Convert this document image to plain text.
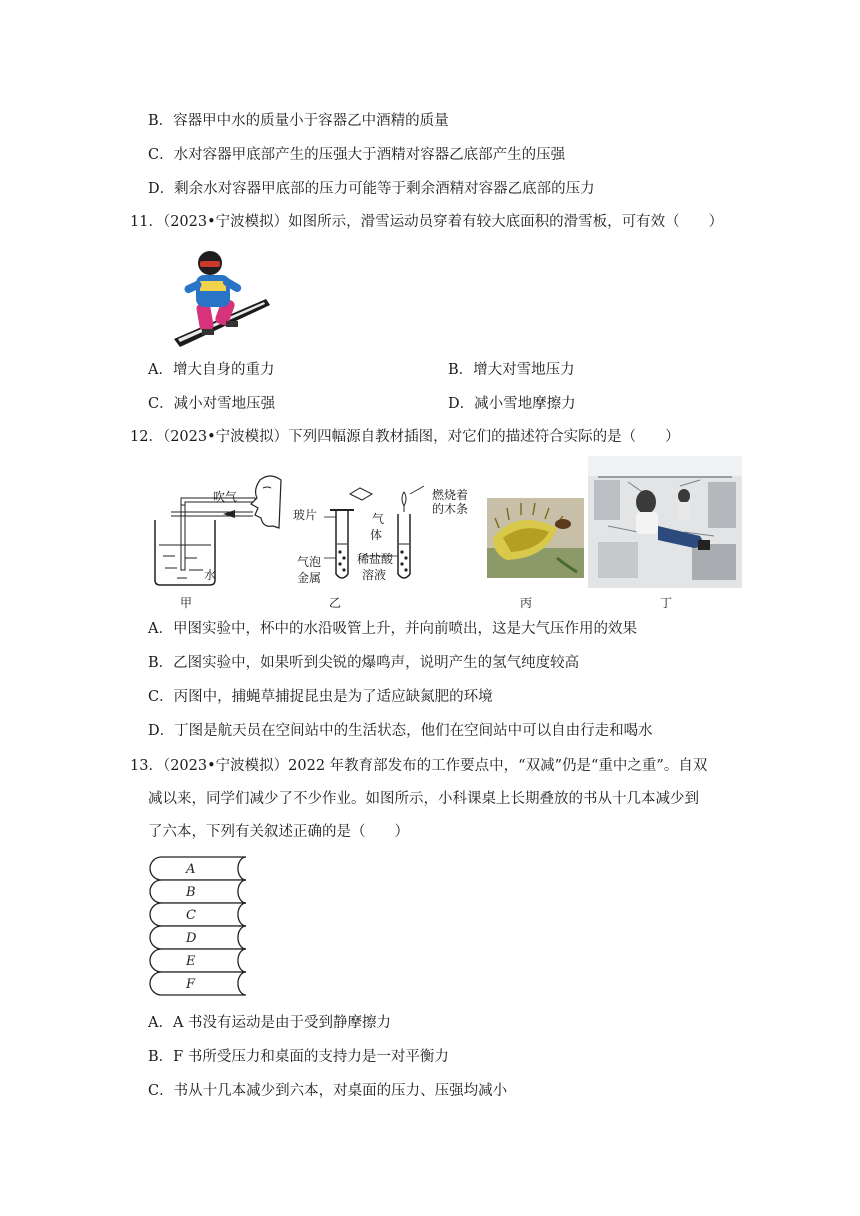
B．容器甲中水的质量小于容器乙中酒精的质量
C．水对容器甲底部产生的压强大于酒精对容器乙底部产生的压强
D．剩余水对容器甲底部的压力可能等于剩余酒精对容器乙底部的压力
11．（2023•宁波模拟）如图所示，滑雪运动员穿着有较大底面积的滑雪板，可有效（　　）
A．增大自身的重力	B．增大对雪地压力
C．减小对雪地压强	D．减小雪地摩擦力
12．（2023•宁波模拟）下列四幅源自教材插图，对它们的描述符合实际的是（　　）
吹气
水
甲
玻片	气
体
气泡
金属
稀盐酸
溶液
燃烧着
的木条
乙	丙	丁
A．甲图实验中，杯中的水沿吸管上升，并向前喷出，这是大气压作用的效果
B．乙图实验中，如果听到尖锐的爆鸣声，说明产生的氢气纯度较高
C．丙图中，捕蝇草捕捉昆虫是为了适应缺氮肥的环境
D．丁图是航天员在空间站中的生活状态，他们在空间站中可以自由行走和喝水
13．（2023•宁波模拟）2022 年教育部发布的工作要点中，“双减”仍是“重中之重”。自双
减以来，同学们减少了不少作业。如图所示，小科课桌上长期叠放的书从十几本减少到
了六本，下列有关叙述正确的是（　　）
A
B
C
D
E
F
A．A 书没有运动是由于受到静摩擦力
B．F 书所受压力和桌面的支持力是一对平衡力
C．书从十几本减少到六本，对桌面的压力、压强均减小
